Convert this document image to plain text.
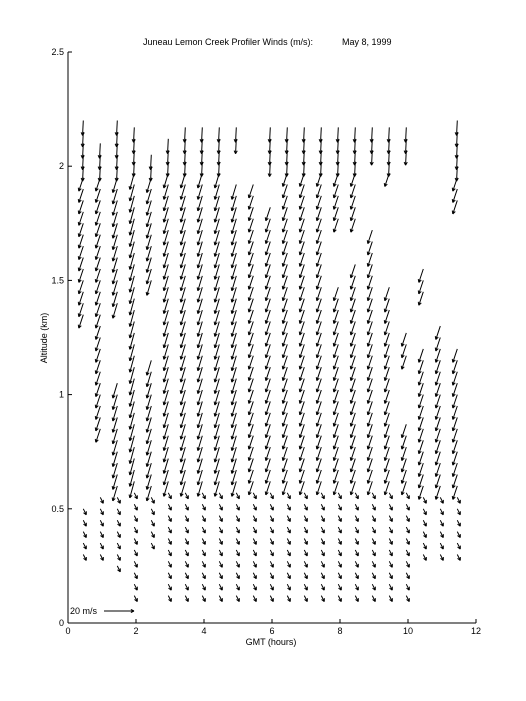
Juneau Lemon Creek Profiler Winds (m/s):	May 8, 1999
0	2	4	6	8	10	12
0
0.5
1
1.5
2
2.5
20 m/s
GMT (hours)
Altitude (km)
